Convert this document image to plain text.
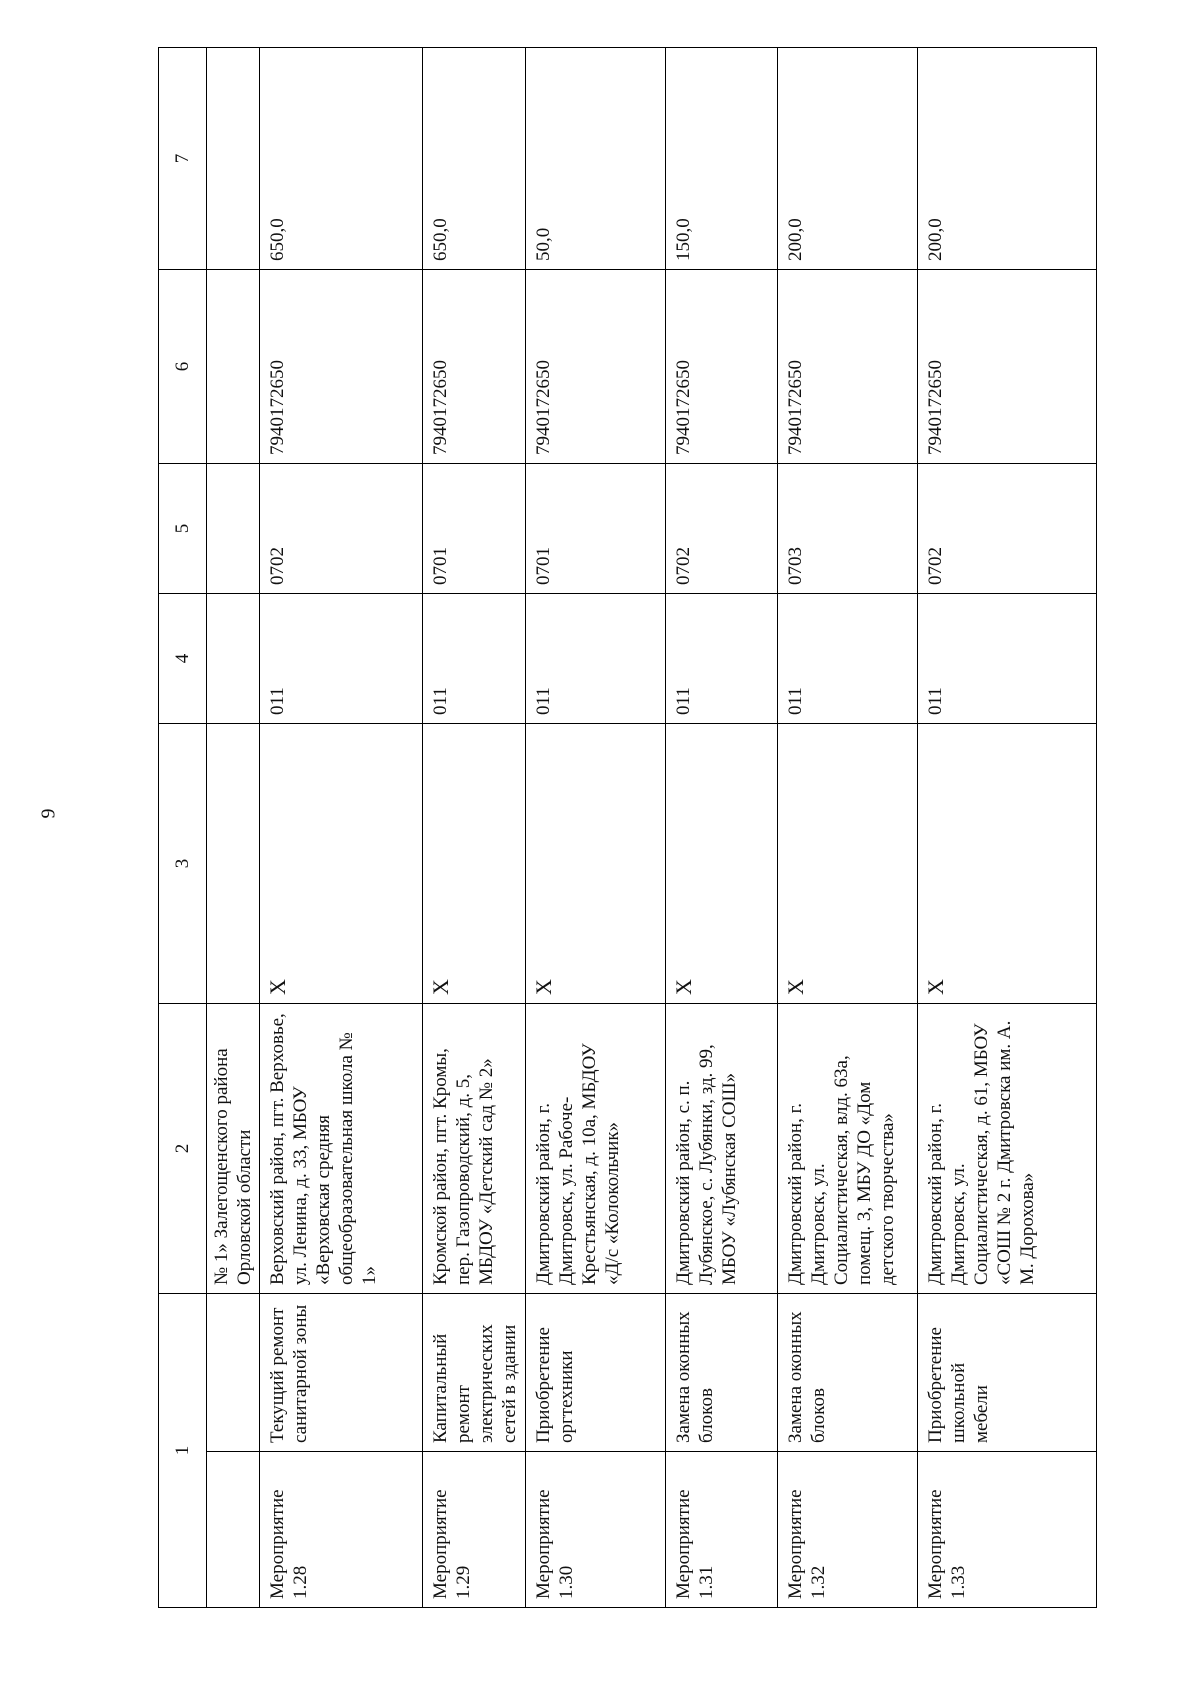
9
1		2	3	4	5	6	7
		№ 1» Залегощенского района Орловской области					
Мероприятие 1.28	Текущий ремонт санитарной зоны	Верховский район, пгт. Верховье, ул. Ленина, д. 33, МБОУ «Верховская средняя общеобразовательная школа № 1»	X	011	0702	7940172650	650,0
Мероприятие 1.29	Капитальный ремонт электрических сетей в здании	Кромской район, пгт. Кромы, пер. Газопроводский, д. 5, МБДОУ «Детский сад № 2»	X	011	0701	7940172650	650,0
Мероприятие 1.30	Приобретение оргтехники	Дмитровский район, г. Дмитровск, ул. Рабоче-Крестьянская, д. 10а, МБДОУ «Д/с «Колокольчик»	X	011	0701	7940172650	50,0
Мероприятие 1.31	Замена оконных блоков	Дмитровский район, с. п. Лубянское, с. Лубянки, зд. 99, МБОУ «Лубянская СОШ»	X	011	0702	7940172650	150,0
Мероприятие 1.32	Замена оконных блоков	Дмитровский район, г. Дмитровск, ул. Социалистическая, влд. 63а, помещ. 3, МБУ ДО «Дом детского творчества»	X	011	0703	7940172650	200,0
Мероприятие 1.33	Приобретение школьной мебели	Дмитровский район, г. Дмитровск, ул. Социалистическая, д. 61, МБОУ «СОШ № 2 г. Дмитровска им. А. М. Дорохова»	X	011	0702	7940172650	200,0
